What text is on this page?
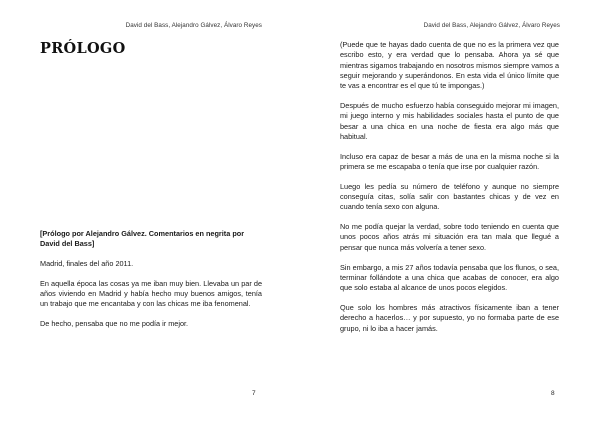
David del Bass, Alejandro Gálvez, Álvaro Reyes
PRÓLOGO

[Prólogo por Alejandro Gálvez. Comentarios en negrita por David del Bass]

Madrid, finales del año 2011.

En aquella época las cosas ya me iban muy bien. Llevaba un par de años viviendo en Madrid y había hecho muy buenos amigos, tenía un trabajo que me encantaba y con las chicas me iba fenomenal.

De hecho, pensaba que no me podía ir mejor.

7
David del Bass, Alejandro Gálvez, Álvaro Reyes

(Puede que te hayas dado cuenta de que no es la primera vez que escribo esto, y era verdad que lo pensaba. Ahora ya sé que mientras sigamos trabajando en nosotros mismos siempre vamos a seguir mejorando y superándonos. En esta vida el único límite que te vas a encontrar es el que tú te impongas.)

Después de mucho esfuerzo había conseguido mejorar mi imagen, mi juego interno y mis habilidades sociales hasta el punto de que besar a una chica en una noche de fiesta era algo más que habitual.

Incluso era capaz de besar a más de una en la misma noche si la primera se me escapaba o tenía que irse por cualquier razón.

Luego les pedía su número de teléfono y aunque no siempre conseguía citas, solía salir con bastantes chicas y de vez en cuando tenía sexo con alguna.

No me podía quejar la verdad, sobre todo teniendo en cuenta que unos pocos años atrás mi situación era tan mala que llegué a pensar que nunca más volvería a tener sexo.

Sin embargo, a mis 27 años todavía pensaba que los flunos, o sea, terminar follándote a una chica que acabas de conocer, era algo que solo estaba al alcance de unos pocos elegidos.

Que solo los hombres más atractivos físicamente iban a tener derecho a hacerlos… y por supuesto, yo no formaba parte de ese grupo, ni lo iba a hacer jamás.

8
